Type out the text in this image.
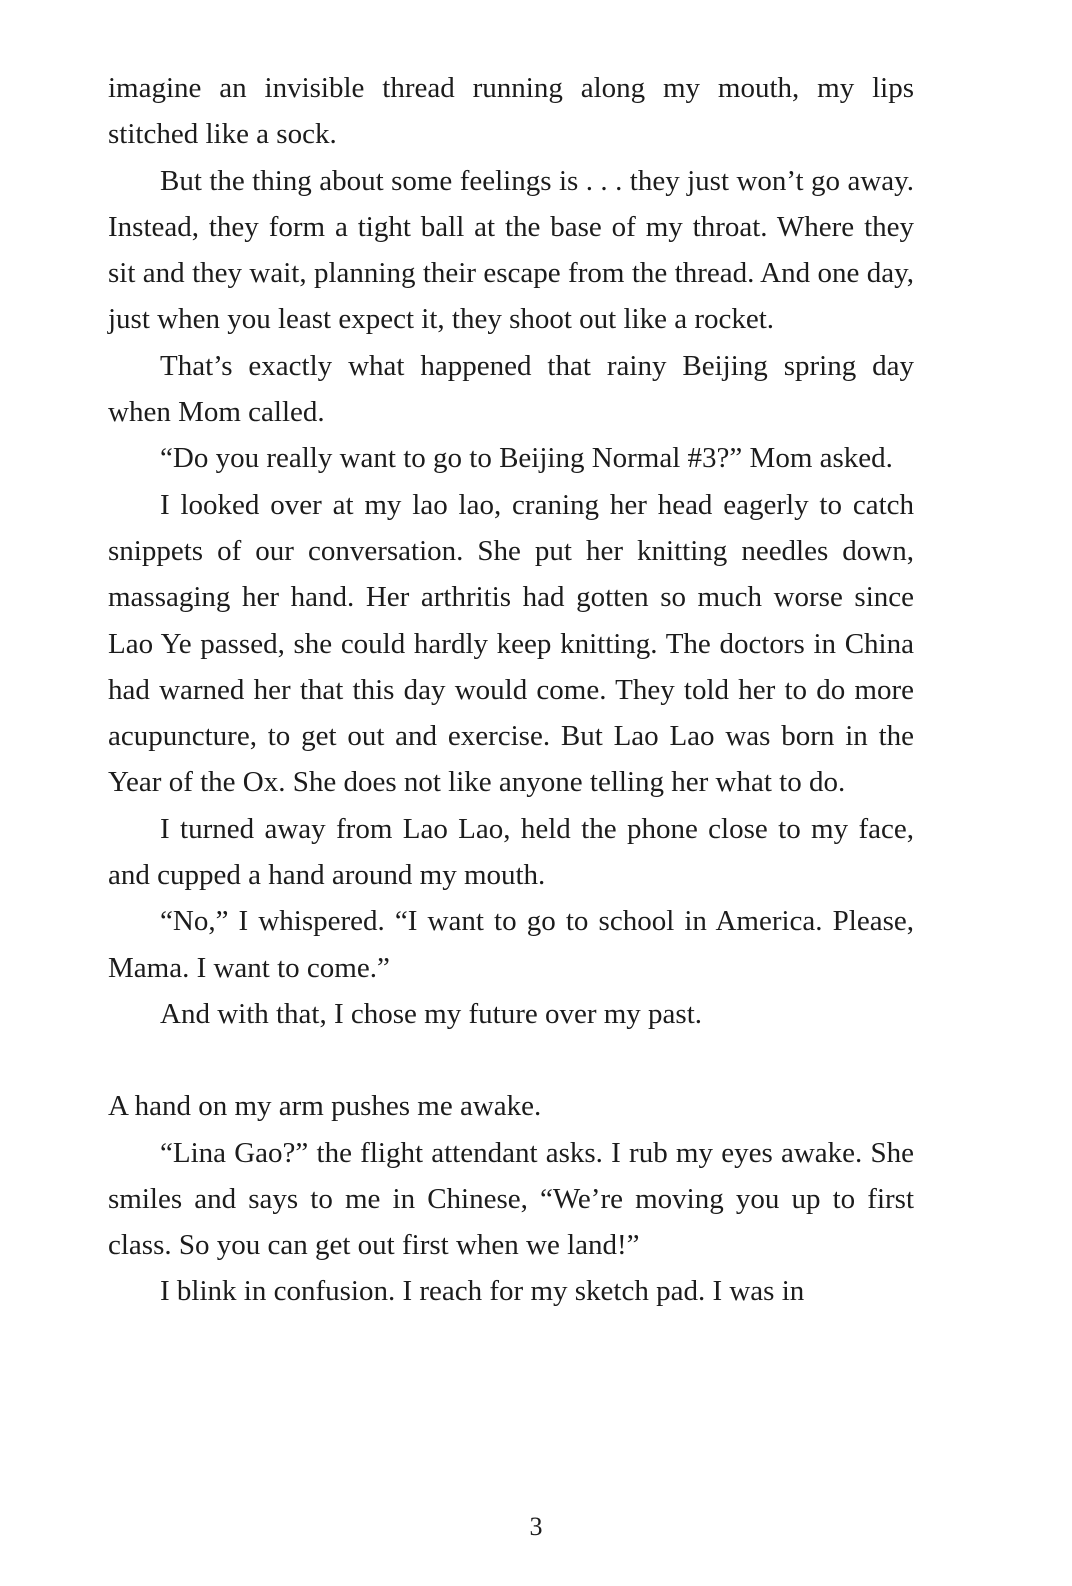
imagine an invisible thread running along my mouth, my lips stitched like a sock.

But the thing about some feelings is . . . they just won’t go away. Instead, they form a tight ball at the base of my throat. Where they sit and they wait, planning their escape from the thread. And one day, just when you least expect it, they shoot out like a rocket.

That’s exactly what happened that rainy Beijing spring day when Mom called.

“Do you really want to go to Beijing Normal #3?” Mom asked.

I looked over at my lao lao, craning her head eagerly to catch snippets of our conversation. She put her knitting needles down, massaging her hand. Her arthritis had gotten so much worse since Lao Ye passed, she could hardly keep knitting. The doctors in China had warned her that this day would come. They told her to do more acupuncture, to get out and exercise. But Lao Lao was born in the Year of the Ox. She does not like anyone telling her what to do.

I turned away from Lao Lao, held the phone close to my face, and cupped a hand around my mouth.

“No,” I whispered. “I want to go to school in America. Please, Mama. I want to come.”

And with that, I chose my future over my past.

A hand on my arm pushes me awake.

“Lina Gao?” the flight attendant asks. I rub my eyes awake. She smiles and says to me in Chinese, “We’re moving you up to first class. So you can get out first when we land!”

I blink in confusion. I reach for my sketch pad. I was in

3
